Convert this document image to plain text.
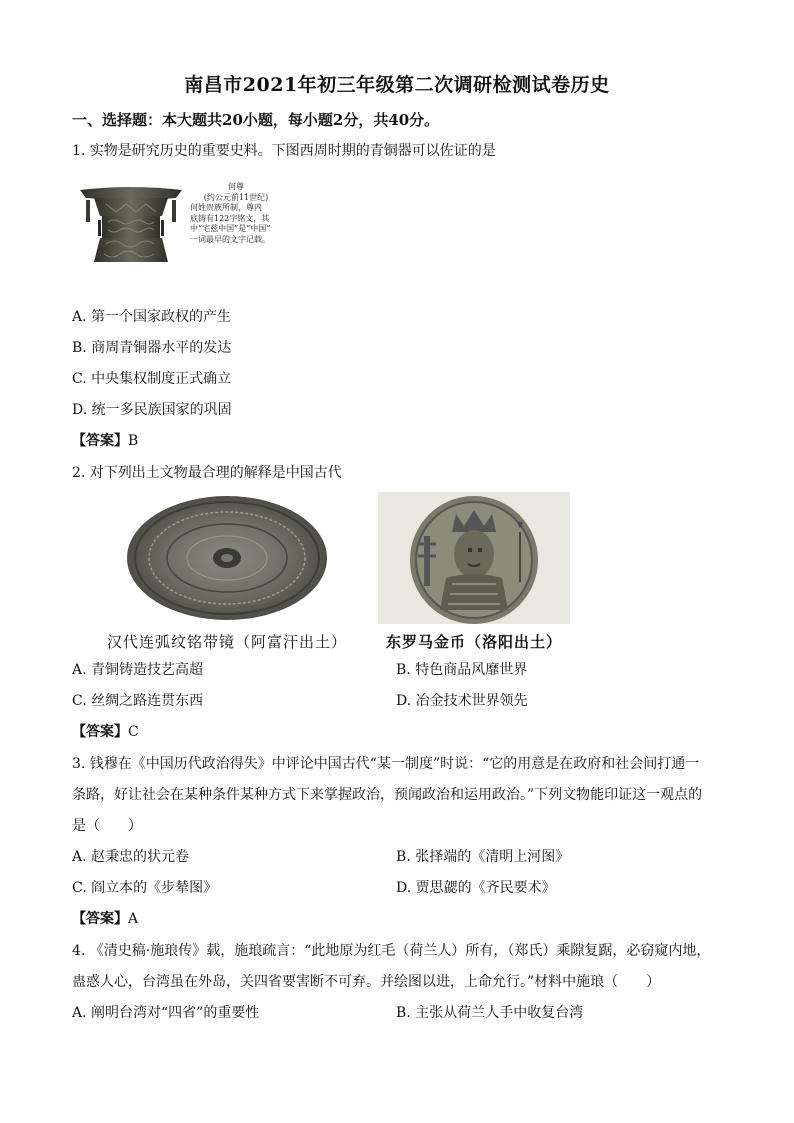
南昌市2021年初三年级第二次调研检测试卷历史
一、选择题：本大题共20小题，每小题2分，共40分。
1. 实物是研究历史的重要史料。下图西周时期的青铜器可以佐证的是
何尊
(约公元前11世纪)
何姓贵族所制，尊内
底铸有122字铭文，其
中“宅兹中国”是“中国”
一词最早的文字记载。
A. 第一个国家政权的产生
B. 商周青铜器水平的发达
C. 中央集权制度正式确立
D. 统一多民族国家的巩固
【答案】B
2. 对下列出土文物最合理的解释是中国古代
汉代连弧纹铭带镜（阿富汗出土）	东罗马金币（洛阳出土）
A. 青铜铸造技艺高超	B. 特色商品风靡世界
C. 丝绸之路连贯东西	D. 冶金技术世界领先
【答案】C
3. 钱穆在《中国历代政治得失》中评论中国古代“某一制度”时说：“它的用意是在政府和社会间打通一
条路，好让社会在某种条件某种方式下来掌握政治，预闻政治和运用政治。”下列文物能印证这一观点的
是（　　）
A. 赵秉忠的状元卷	B. 张择端的《清明上河图》
C. 阎立本的《步辇图》	D. 贾思勰的《齐民要术》
【答案】A
4. 《清史稿·施琅传》载，施琅疏言：“此地原为红毛（荷兰人）所有，（郑氏）乘隙复踞，必窃窥内地，
蛊惑人心，台湾虽在外岛，关四省要害断不可弃。并绘图以进，上命允行。”材料中施琅（　　）
A. 阐明台湾对“四省”的重要性	B. 主张从荷兰人手中收复台湾
